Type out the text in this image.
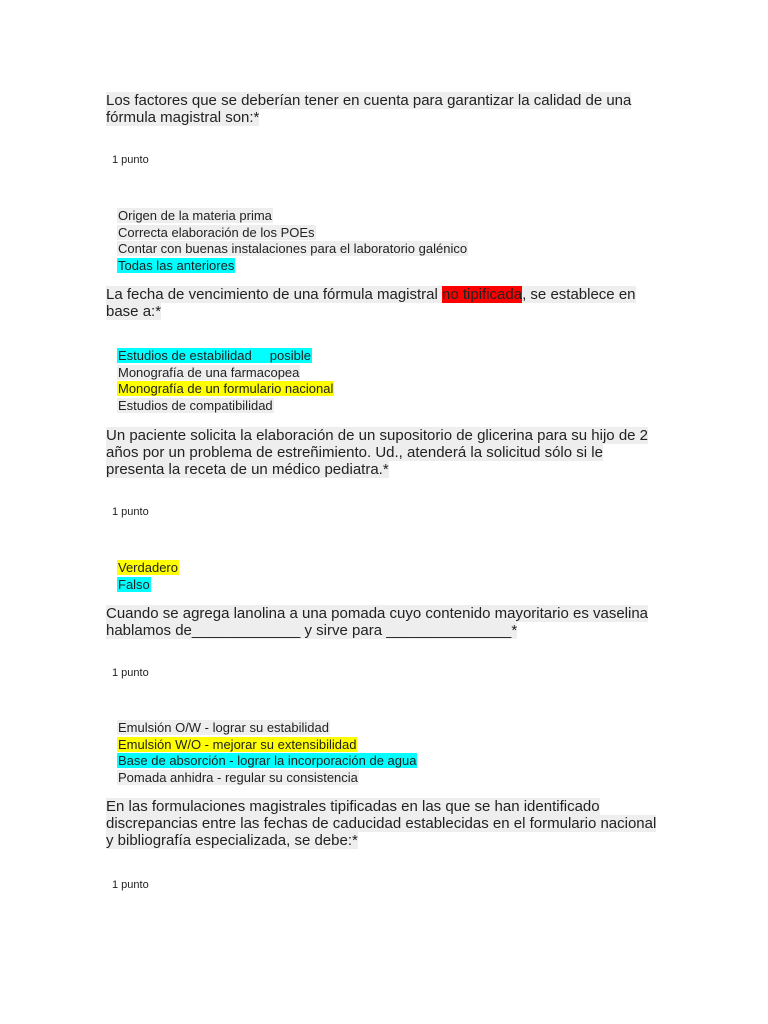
Los factores que se deberían tener en cuenta para garantizar la calidad de una
fórmula magistral son:*
1 punto
Origen de la materia prima
Correcta elaboración de los POEs
Contar con buenas instalaciones para el laboratorio galénico
Todas las anteriores
La fecha de vencimiento de una fórmula magistral no tipificada, se establece en
base a:*
Estudios de estabilidad     posible
Monografía de una farmacopea
Monografía de un formulario nacional
Estudios de compatibilidad
Un paciente solicita la elaboración de un supositorio de glicerina para su hijo de 2
años por un problema de estreñimiento. Ud., atenderá la solicitud sólo si le
presenta la receta de un médico pediatra.*
1 punto
Verdadero
Falso
Cuando se agrega lanolina a una pomada cuyo contenido mayoritario es vaselina
hablamos de_____________ y sirve para _______________*
1 punto
Emulsión O/W - lograr su estabilidad
Emulsión W/O - mejorar su extensibilidad
Base de absorción - lograr la incorporación de agua
Pomada anhidra - regular su consistencia
En las formulaciones magistrales tipificadas en las que se han identificado
discrepancias entre las fechas de caducidad establecidas en el formulario nacional
y bibliografía especializada, se debe:*
1 punto
